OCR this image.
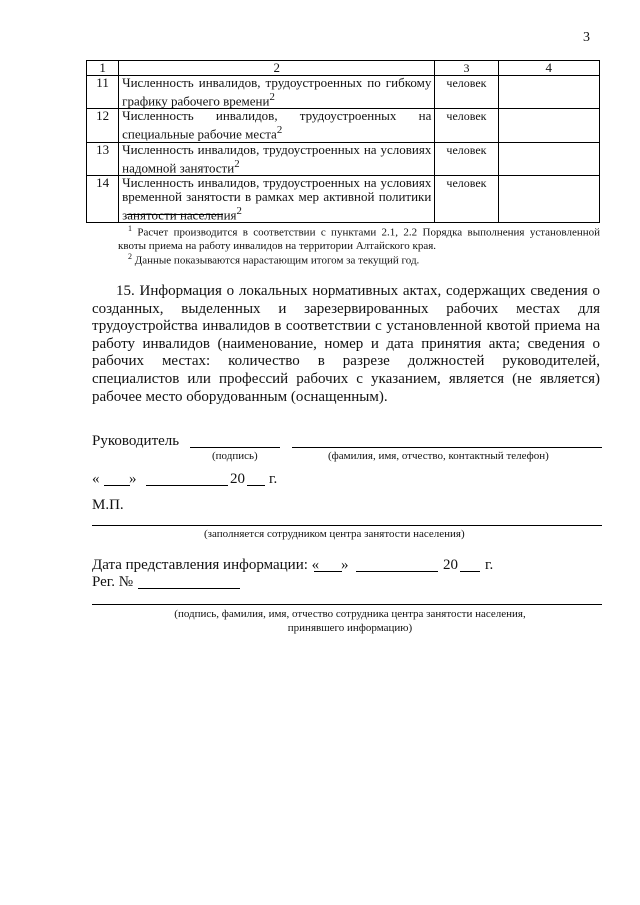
3
1	2	3	4
11	Численность инвалидов, трудоустроенных по гибкому графику рабочего времени$^2$	человек	
12	Численность инвалидов, трудоустроенных на специальные рабочие места$^2$	человек	
13	Численность инвалидов, трудоустроенных на условиях надомной занятости$^2$	человек	
14	Численность инвалидов, трудоустроенных на условиях временной занятости в рамках мер активной политики занятости населения$^2$	человек	
$^1$ Расчет производится в соответствии с пунктами 2.1, 2.2 Порядка выполнения установленной квоты приема на работу инвалидов на территории Алтайского края.
$^2$ Данные показываются нарастающим итогом за текущий год.
15. Информация о локальных нормативных актах, содержащих сведения о созданных, выделенных и зарезервированных рабочих местах для трудоустройства инвалидов в соответствии с установленной квотой приема на работу инвалидов (наименование, номер и дата принятия акта; сведения о рабочих местах: количество в разрезе должностей руководителей, специалистов или профессий рабочих с указанием, является (не является) рабочее место оборудованным (оснащенным).
Руководитель
(подпись)	(фамилия, имя, отчество, контактный телефон)
« »	20 г.
М.П.
(заполняется сотрудником центра занятости населения)
Дата представления информации: « »	20 г.
Рег. №
(подпись, фамилия, имя, отчество сотрудника центра занятости населения,
принявшего информацию)
